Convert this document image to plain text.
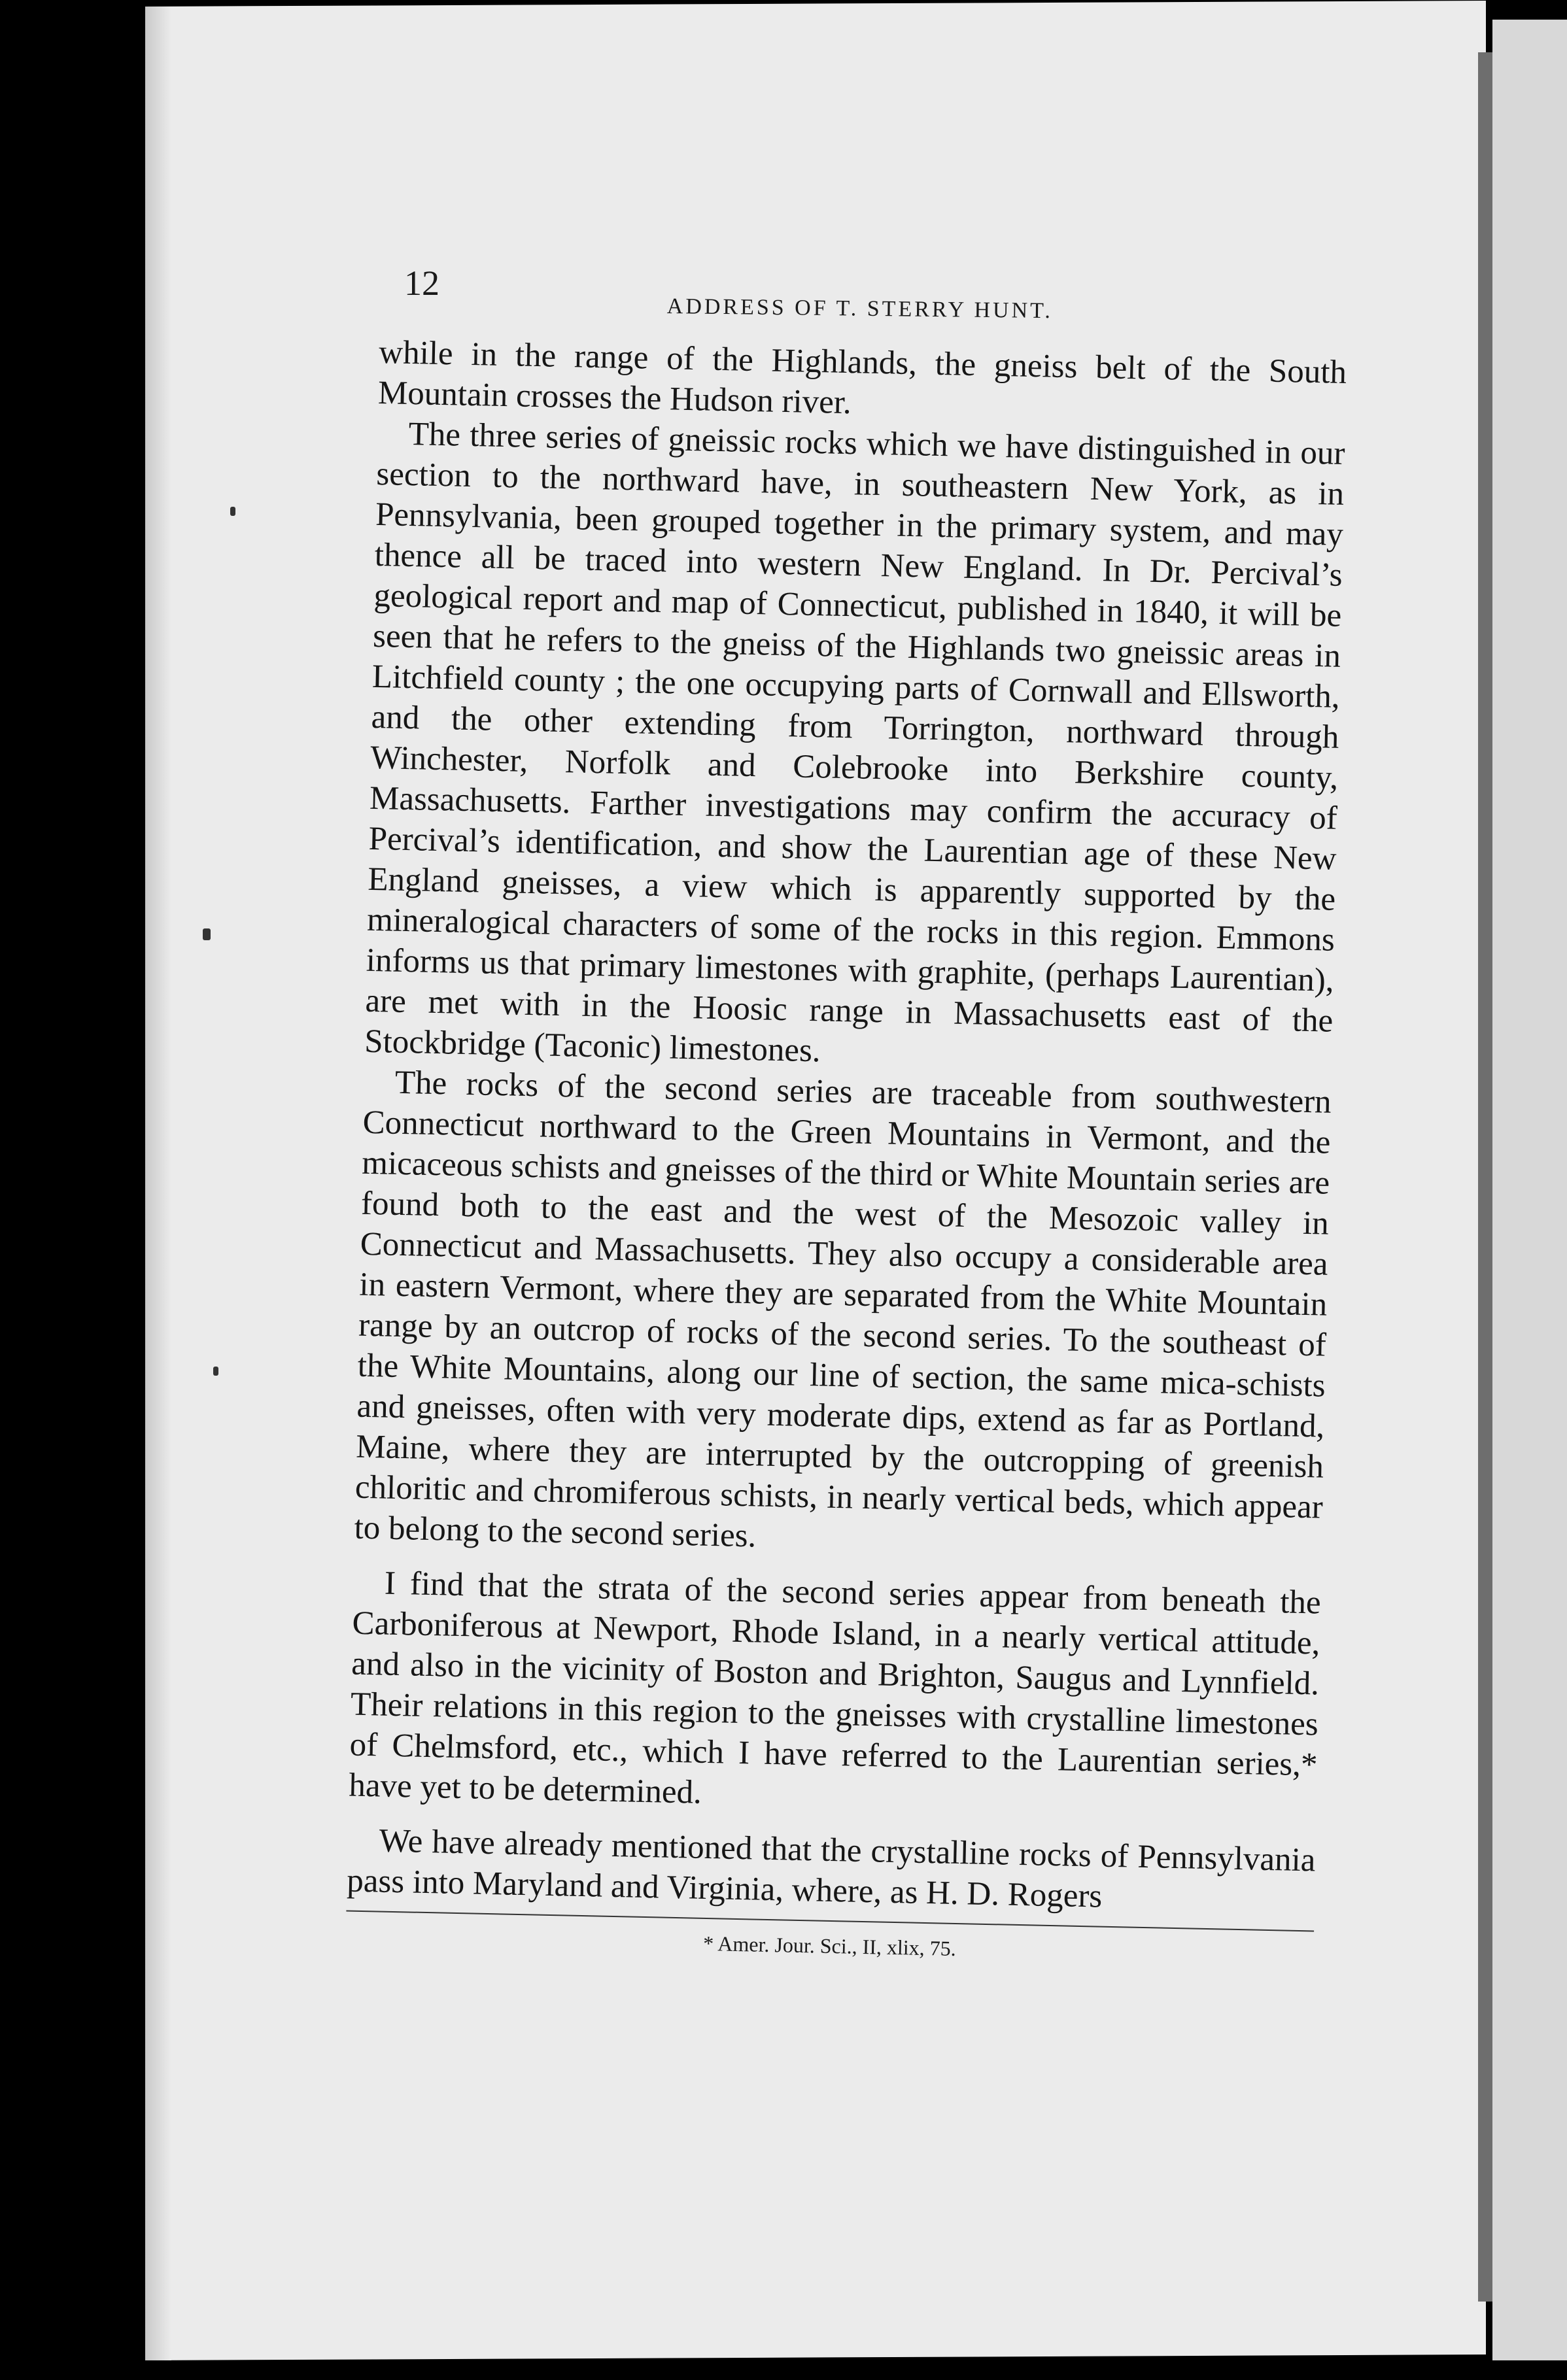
12
ADDRESS OF T. STERRY HUNT.

while in the range of the Highlands, the gneiss belt of the South Mountain crosses the Hudson river.

The three series of gneissic rocks which we have distinguished in our section to the northward have, in southeastern New York, as in Pennsylvania, been grouped together in the primary system, and may thence all be traced into western New England. In Dr. Percival’s geological report and map of Connecticut, published in 1840, it will be seen that he refers to the gneiss of the Highlands two gneissic areas in Litchfield county ; the one occupying parts of Cornwall and Ellsworth, and the other extending from Torrington, northward through Winchester, Norfolk and Colebrooke into Berkshire county, Massachusetts. Farther investigations may confirm the accuracy of Percival’s identification, and show the Laurentian age of these New England gneisses, a view which is apparently supported by the mineralogical characters of some of the rocks in this region. Emmons informs us that primary limestones with graphite, (perhaps Laurentian), are met with in the Hoosic range in Massachusetts east of the Stockbridge (Taconic) limestones.

The rocks of the second series are traceable from southwestern Connecticut northward to the Green Mountains in Vermont, and the micaceous schists and gneisses of the third or White Mountain series are found both to the east and the west of the Mesozoic valley in Connecticut and Massachusetts. They also occupy a considerable area in eastern Vermont, where they are separated from the White Mountain range by an outcrop of rocks of the second series. To the southeast of the White Mountains, along our line of section, the same mica-schists and gneisses, often with very moderate dips, extend as far as Portland, Maine, where they are interrupted by the outcropping of greenish chloritic and chromiferous schists, in nearly vertical beds, which appear to belong to the second series.

I find that the strata of the second series appear from beneath the Carboniferous at Newport, Rhode Island, in a nearly vertical attitude, and also in the vicinity of Boston and Brighton, Saugus and Lynnfield. Their relations in this region to the gneisses with crystalline limestones of Chelmsford, etc., which I have referred to the Laurentian series,* have yet to be determined.

We have already mentioned that the crystalline rocks of Pennsylvania pass into Maryland and Virginia, where, as H. D. Rogers

* Amer. Jour. Sci., II, xlix, 75.
